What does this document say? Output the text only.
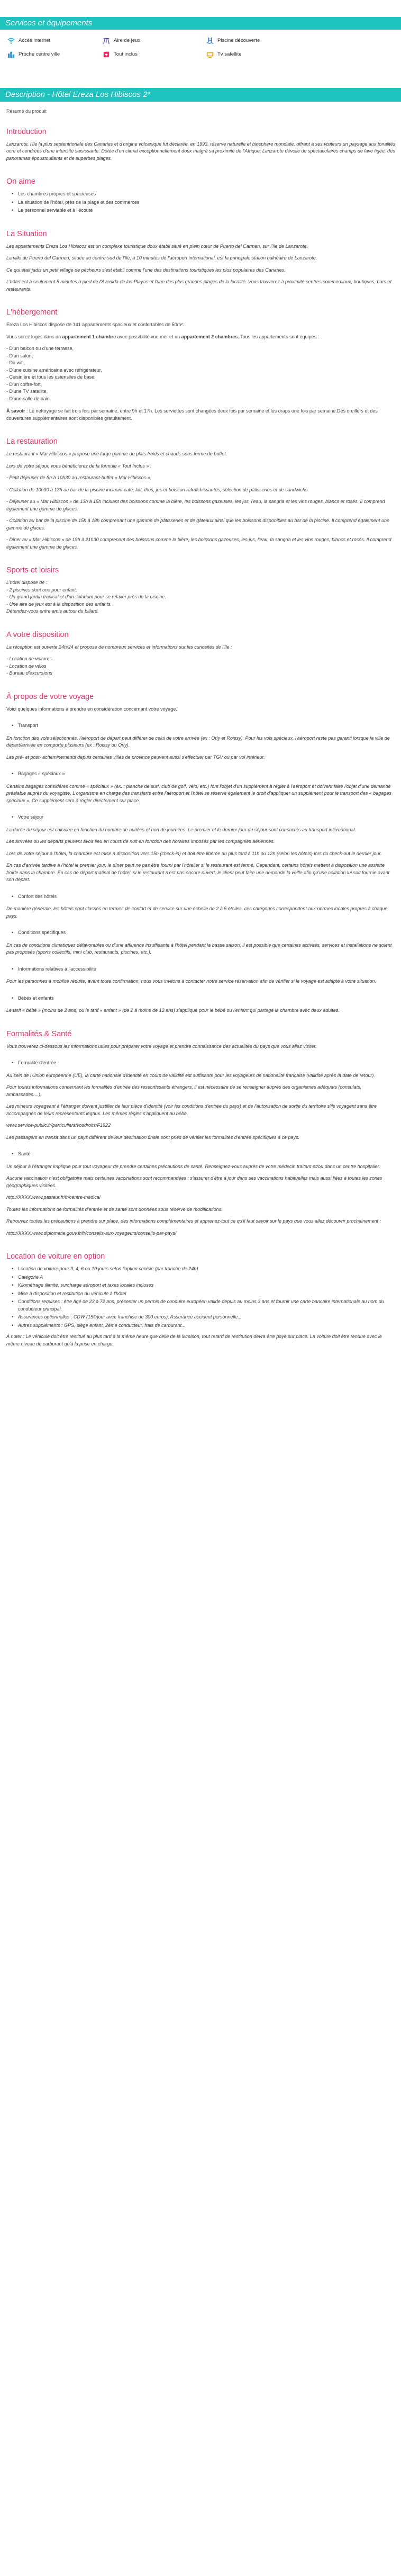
Services et équipements
Accès internet	Aire de jeux	Piscine découverte
Proche centre ville	Tout inclus	Tv satellite
Description - Hôtel Ereza Los Hibiscos 2*

Résumé du produit

Introduction

Lanzarote, l'île la plus septentrionale des Canaries et d'origine volcanique fut déclarée, en 1993, réserve naturelle et biosphère mondiale, offrant à ses visiteurs un paysage aux tonalités ocre et cendrées d'une intensité saisissante. Dotée d'un climat exceptionnellement doux malgré sa proximité de l'Afrique, Lanzarote dévoile de spectaculaires champs de lave figée, des panoramas époustouflants et de superbes plages.

On aime
• Les chambres propres et spacieuses
• La situation de l'hôtel, près de la plage et des commerces
• Le personnel serviable et à l'écoute
La Situation

Les appartements Ereza Los Hibiscos est un complexe touristique doux établi situé en plein cœur de Puerto del Carmen, sur l'île de Lanzarote.

La ville de Puerto del Carmen, située au centre-sud de l'île, à 10 minutes de l'aéroport international, est la principale station balnéaire de Lanzarote.

Ce qui était jadis un petit village de pêcheurs s'est établi comme l'une des destinations touristiques les plus populaires des Canaries.

L'hôtel est à seulement 5 minutes à pied de l'Avenida de las Playas et l'une des plus grandes plages de la localité. Vous trouverez à proximité centres commerciaux, boutiques, bars et restaurants.

L'hébergement

Ereza Los Hibiscos dispose de 141 appartements spacieux et confortables de 50m².

Vous serez logés dans un appartement 1 chambre avec possibilité vue mer et un appartement 2 chambres. Tous les appartements sont équipés :

- D'un balcon ou d'une terrasse,

- D'un salon,

- Du wifi,

- D'une cuisine américaine avec réfrigérateur,

- Cuisinière et tous les ustensiles de base,

- D'un coffre-fort,

- D'une TV satellite,

- D'une salle de bain.

À savoir : Le nettoyage se fait trois fois par semaine, entre 9h et 17h. Les serviettes sont changées deux fois par semaine et les draps une fois par semaine.Des oreillers et des couvertures supplémentaires sont disponibles gratuitement.

La restauration

Le restaurant « Mar Hibiscos » propose une large gamme de plats froids et chauds sous forme de buffet.

Lors de votre séjour, vous bénéficierez de la formule « Tout Inclus » :

- Petit déjeuner de 8h à 10h30 au restaurant-buffet « Mar Hibiscos ».

- Collation de 10h30 à 13h au bar de la piscine incluant café, lait, thés, jus et boisson rafraîchissantes, sélection de pâtisseries et de sandwichs.

- Déjeuner au « Mar Hibiscos » de 13h à 15h incluant des boissons comme la bière, les boissons gazeuses, les jus, l'eau, la sangria et les vins rouges, blancs et rosés. Il comprend également une gamme de glaces.

- Collation au bar de la piscine de 15h à 18h comprenant une gamme de pâtisseries et de gâteaux ainsi que les boissons disponibles au bar de la piscine. Il comprend également une gamme de glaces.

- Dîner au « Mar Hibiscos » de 19h à 21h30 comprenant des boissons comme la bière, les boissons gazeuses, les jus, l'eau, la sangria et les vins rouges, blancs et rosés. Il comprend également une gamme de glaces.

Sports et loisirs

L'hôtel dispose de :

- 2 piscines dont une pour enfant,

- Un grand jardin tropical et d'un solarium pour se relaxer près de la piscine.

- Une aire de jeux est à la disposition des enfants.

Détendez-vous entre amis autour du billard.

A votre disposition

La réception est ouverte 24h/24 et propose de nombreux services et informations sur les curiosités de l'île :

- Location de voitures

- Location de vélos

- Bureau d'excursions

À propos de votre voyage

Voici quelques informations à prendre en considération concernant votre voyage.

• Transport

En fonction des vols sélectionnés, l'aéroport de départ peut différer de celui de votre arrivée (ex : Orly et Roissy). Pour les vols spéciaux, l'aéroport reste pas garanti lorsque la ville de départ/arrivée en comporte plusieurs (ex : Roissy ou Orly).

Les pré- et post- acheminements depuis certaines villes de province peuvent aussi s'effectuer par TGV ou par vol intérieur.

• Bagages « spéciaux »

Certains bagages considérés comme « spéciaux » (ex. : planche de surf, club de golf, vélo, etc.) font l'objet d'un supplément à régler à l'aéroport et doivent faire l'objet d'une demande préalable auprès du voyagiste. L'organisme en charge des transferts entre l'aéroport et l'hôtel se réserve également le droit d'appliquer un supplément pour le transport des « bagages spéciaux ». Ce supplément sera à régler directement sur place.

• Votre séjour

La durée du séjour est calculée en fonction du nombre de nuitées et non de journées. Le premier et le dernier jour du séjour sont consacrés au transport international.

Les arrivées ou les départs peuvent avoir lieu en cours de nuit en fonction des horaires imposés par les compagnies aériennes.

Lors de votre séjour à l'hôtel, la chambre est mise à disposition vers 15h (check-in) et doit être libérée au plus tard à 11h ou 12h (selon les hôtels) lors du check-out le dernier jour.

En cas d'arrivée tardive à l'hôtel le premier jour, le dîner peut ne pas être fourni par l'hôtelier si le restaurant est fermé. Cependant, certains hôtels mettent à disposition une assiette froide dans la chambre. En cas de départ matinal de l'hôtel, si le restaurant n'est pas encore ouvert, le client peut faire une demande la veille afin qu'une collation lui soit fournie avant son départ.

• Confort des hôtels

De manière générale, les hôtels sont classés en termes de confort et de service sur une échelle de 2 à 5 étoiles, ces catégories correspondent aux normes locales propres à chaque pays.

• Conditions spécifiques

En cas de conditions climatiques défavorables ou d'une affluence insuffisante à l'hôtel pendant la basse saison, il est possible que certaines activités, services et installations ne soient pas proposés (sports collectifs, mini club, restaurants, piscines, etc.).

• Informations relatives à l'accessibilité

Pour les personnes à mobilité réduite, avant toute confirmation, nous vous invitons à contacter notre service réservation afin de vérifier si le voyage est adapté à votre situation.

• Bébés et enfants

Le tarif « bébé » (moins de 2 ans) ou le tarif « enfant » (de 2 à moins de 12 ans) s'applique pour le bébé ou l'enfant qui partage la chambre avec deux adultes.

Formalités & Santé

Vous trouverez ci-dessous les informations utiles pour préparer votre voyage et prendre connaissance des actualités du pays que vous allez visiter.

• Formalité d'entrée

Au sein de l'Union européenne (UE), la carte nationale d'identité en cours de validité est suffisante pour les voyageurs de nationalité française (validité après la date de retour).

Pour toutes informations concernant les formalités d'entrée des ressortissants étrangers, il est nécessaire de se renseigner auprès des organismes adéquats (consulats, ambassades....).

Les mineurs voyageant à l'étranger doivent justifier de leur pièce d'identité (voir les conditions d'entrée du pays) et de l'autorisation de sortie du territoire s'ils voyagent sans être accompagnés de leurs représentants légaux. Les mêmes règles s'appliquent au bébé.

www.service-public.fr/particuliers/vosdroits/F1922

Les passagers en transit dans un pays différent de leur destination finale sont priés de vérifier les formalités d'entrée spécifiques à ce pays.

• Santé

Un séjour à l'étranger implique pour tout voyageur de prendre certaines précautions de santé. Renseignez-vous auprès de votre médecin traitant et/ou dans un centre hospitalier.

Aucune vaccination n'est obligatoire mais certaines vaccinations sont recommandées : s'assurer d'être à jour dans ses vaccinations habituelles mais aussi liées à toutes les zones géographiques visitées.

http://XXXX.www.pasteur.fr/fr/centre-medical

Toutes les informations de formalités d'entrée et de santé sont données sous réserve de modifications.

Retrouvez toutes les précautions à prendre sur place, des informations complémentaires et apprenez-tout ce qu'il faut savoir sur le pays que vous allez découvrir prochainement :

http://XXXX.www.diplomatie.gouv.fr/fr/conseils-aux-voyageurs/conseils-par-pays/

Location de voiture en option
• Location de voiture pour 3, 4, 6 ou 10 jours selon l'option choisie (par tranche de 24h)
• Catégorie A
• Kilométrage illimité, surcharge aéroport et taxes locales incluses
• Mise à disposition et restitution du véhicule à l'hôtel
• Conditions requises : être âgé de 23 à 72 ans, présenter un permis de conduire européen valide depuis au moins 3 ans et fournir une carte bancaire internationale au nom du conducteur principal.
• Assurances optionnelles : CDW (15€/jour avec franchise de 300 euros), Assurance accident personnelle...
• Autres suppléments : GPS, siège enfant, 2ème conducteur, frais de carburant...

À noter : Le véhicule doit être restitué au plus tard à la même heure que celle de la livraison, tout retard de restitution devra être payé sur place. La voiture doit être rendue avec le même niveau de carburant qu'à la prise en charge.
